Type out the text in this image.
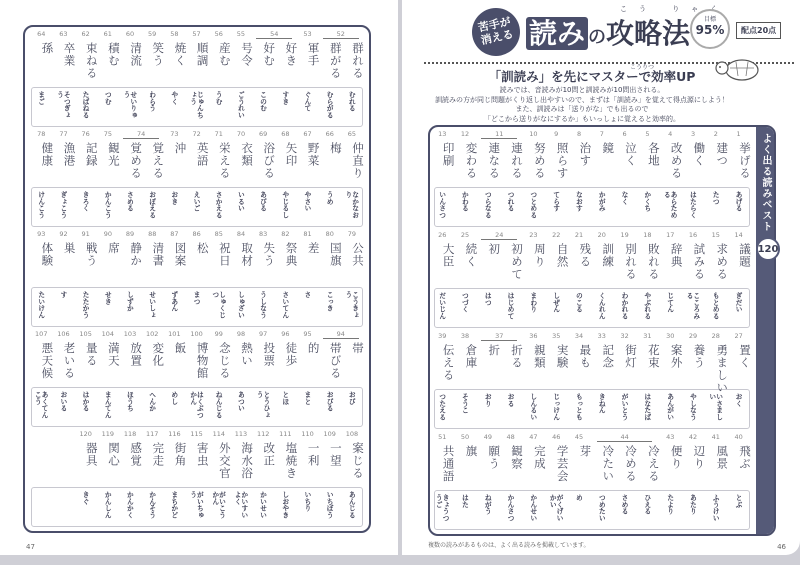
52
群れる
群がる
53
軍手
54
好き
好む
55
号令
56
産む
57
順調
58
焼く
59
笑う
60
清流
61
積む
62
束ねる
63
卒業
64
孫
むれる
むらがる
ぐんて
すき
このむ
ごうれい
うむ
じゅんちょう
やく
わらう
せいりゅう
つむ
たばねる
そつぎょう
まご
65
仲直り
66
梅
67
野菜
68
矢印
69
浴びる
70
衣類
71
栄える
72
英語
73
沖
74
覚える
覚める
75
観光
76
記録
77
漁港
78
健康
なかなおり
うめ
やさい
やじるし
あびる
いるい
さかえる
えいご
おき
おぼえる
さめる
かんこう
きろく
ぎょこう
けんこう
79
公共
80
国旗
81
差
82
祭典
83
失う
84
取材
85
祝日
86
松
87
図案
88
清書
89
静か
90
席
91
戦う
92
巣
93
体験
こうきょう
こっき
さ
さいてん
うしなう
しゅざい
しゅくじつ
まつ
ずあん
せいしょ
しずか
せき
たたかう
す
たいけん
94
帯
帯びる
95
的
96
徒歩
97
投票
98
熱い
99
念じる
100
博物館
101
飯
102
変化
103
放置
104
満天
105
量る
106
老いる
107
悪天候
おび
おびる
まと
とほ
とうひょう
あつい
ねんじる
はくぶつかん
めし
へんか
ほうち
まんてん
はかる
おいる
あくてんこう
108
案じる
109
一望
110
一利
111
塩焼き
112
改正
113
海水浴
114
外交官
115
害虫
116
街角
117
完走
118
感覚
119
関心
120
器具
あんじる
いちぼう
いちり
しおやき
かいせい
かいすいよく
がいこうかん
がいちゅう
まちかど
かんそう
かんかく
かんしん
きぐ
47
苦手が消える 読み の攻略法
こう りゃく
目標
95%	配点20点
こうりつ
「訓読み」を先にマスターで効率UP
読みでは、音読みが10問と訓読みが10問出される。
訓読みの方が同じ問題がくり返し出やすいので、まずは「訓読み」を覚えて得点源にしよう！
また、訓読みは「送りがな」でも出るので
「どこから送りがなにするか」もいっしょに覚えると効率的。
よく出る読みベスト
1
挙げる
2
建つ
3
働く
4
改める
5
各地
6
泣く
7
鏡
8
治す
9
照らす
10
努める
11
連れる
連なる
12
変わる
13
印刷
あげる
たつ
はたらく
あらためる
かくち
なく
かがみ
なおす
てらす
つとめる
つれる
つらなる
かわる
いんさつ
14
議題
15
求める
16
試みる
17
辞典
18
敗れる
19
別れる
20
訓練
21
残る
22
自然
23
周り
24
初めて
初
25
続く
26
大臣
ぎだい
もとめる
こころみる
じてん
やぶれる
わかれる
くんれん
のこる
しぜん
まわり
はじめて
はつ
つづく
だいじん
27
置く
28
勇ましい
29
養う
30
案外
31
花束
32
街灯
33
記念
34
最も
35
実験
36
親類
37
折る
折
38
倉庫
39
伝える
おく
いさましい
やしなう
あんがい
はなたば
がいとう
きねん
もっとも
じっけん
しんるい
おる
おり
そうこ
つたえる
40
飛ぶ
41
風景
42
辺り
43
便り
44
冷える
冷める
冷たい
45
芽
46
学芸会
47
完成
48
観察
49
願う
50
旗
51
共通語
とぶ
ふうけい
あたり
たより
ひえる
さめる
つめたい
め
がくげいかい
かんせい
かんさつ
ねがう
はた
きょうつうご
120
複数の読みがあるものは、よく出る読みを掲載しています。	46
